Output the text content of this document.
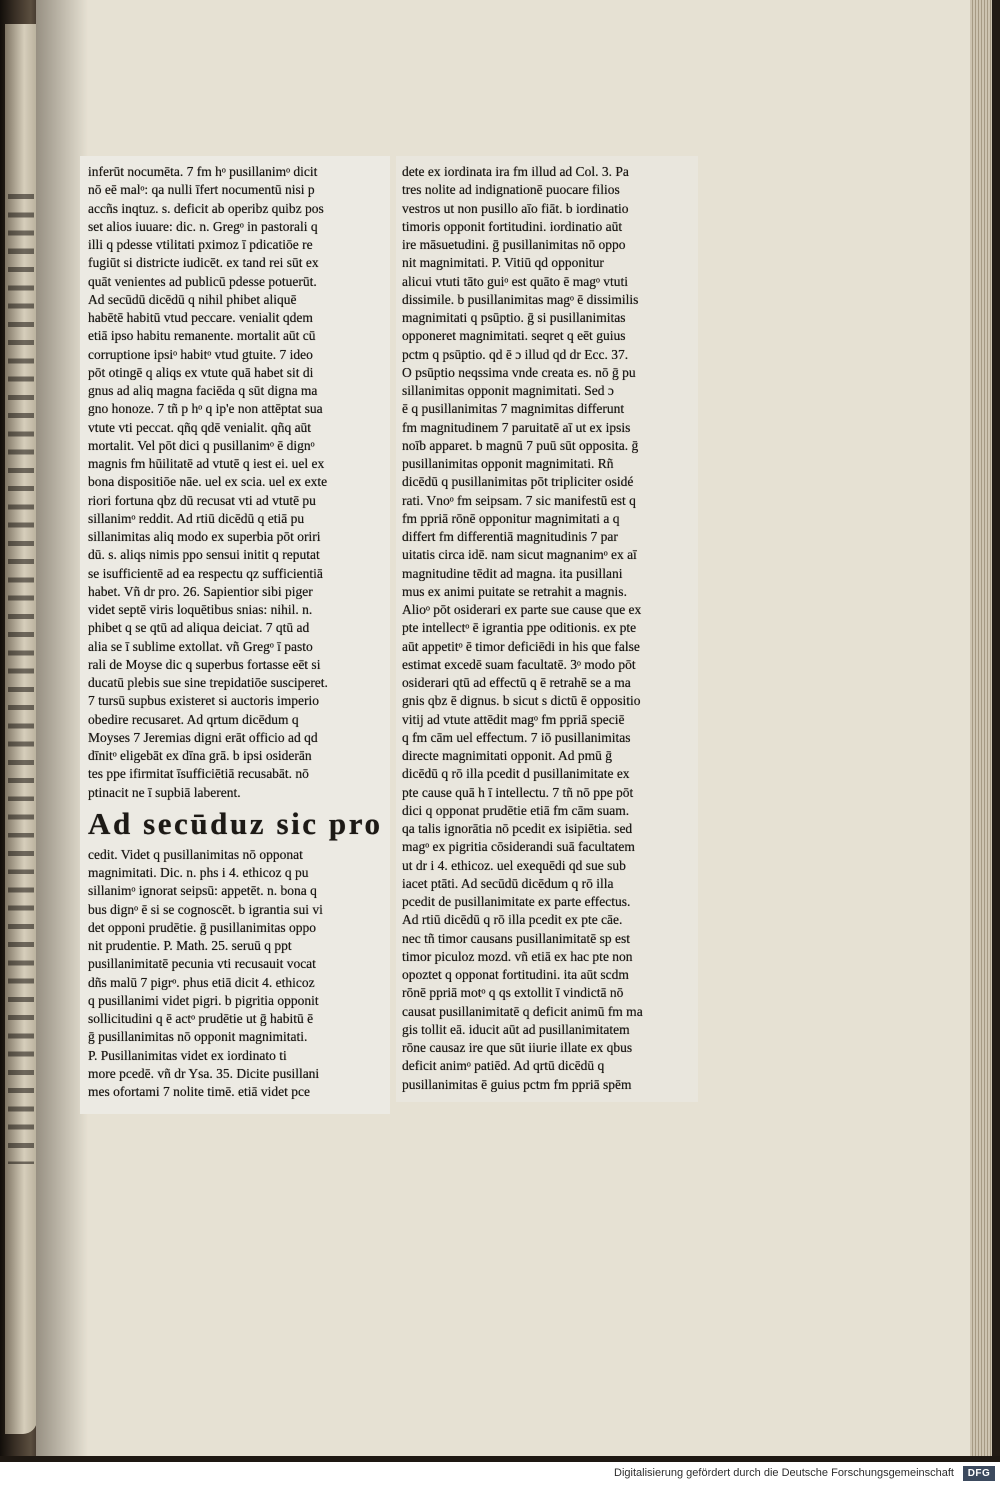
inferūt nocumēta. 7 fm hᵒ pusillanimᵒ dicit
nō eē malᵒ: qa nulli īfert nocumentū nisi p
accñs inqtuz. s. deficit ab operibz quibz pos
set alios iuuare: dic. n. Gregᵒ in pastorali q
illi q pdesse vtilitati pximoz ī pdicatiōe re
fugiūt si districte iudicēt. ex tand rei sūt ex
quāt venientes ad publicū pdesse potuerūt.
Ad secūdū dicēdū q nihil phibet aliquē
habētē habitū vtud peccare. venialit qdem
etiā ipso habitu remanente. mortalit aūt cū
corruptione ipsiᵒ habitᵒ vtud gtuite. 7 ideo
pōt otingē q aliqs ex vtute quā habet sit di
gnus ad aliq magna faciēda q sūt digna ma
gno honoze. 7 tñ p hᵒ q ip'e non attēptat sua
vtute vti peccat. qñq qdē venialit. qñq aūt
mortalit. Vel pōt dici q pusillanimᵒ ē dignᵒ
magnis fm hūilitatē ad vtutē q iest ei. uel ex
bona dispositiōe nāe. uel ex scia. uel ex exte
riori fortuna qbz dū recusat vti ad vtutē pu
sillanimᵒ reddit. Ad rtiū dicēdū q etiā pu
sillanimitas aliq modo ex superbia pōt oriri
dū. s. aliqs nimis ppo sensui initit q reputat
se isufficientē ad ea respectu qz sufficientiā
habet. Vñ dr pro. 26. Sapientior sibi piger
videt septē viris loquētibus snias: nihil. n.
phibet q se qtū ad aliqua deiciat. 7 qtū ad
alia se ī sublime extollat. vñ Gregᵒ ī pasto
rali de Moyse dic q superbus fortasse eēt si
ducatū plebis sue sine trepidatiōe susciperet.
7 tursū supbus existeret si auctoris imperio
obedire recusaret. Ad qrtum dicēdum q
Moyses 7 Jeremias digni erāt officio ad qd
dīnitᵒ eligebāt ex dīna grā. b ipsi osiderān
tes ppe ifirmitat īsufficiētiā recusabāt. nō
ptinacit ne ī supbiā laberent.
Ad secūduz sic pro
cedit. Videt q pusillanimitas nō opponat
magnimitati. Dic. n. phs i 4. ethicoz q pu
sillanimᵒ ignorat seipsū: appetēt. n. bona q
bus dignᵒ ē si se cognoscēt. b igrantia sui vi
det opponi prudētie. ḡ pusillanimitas oppo
nit prudentie. P. Math. 25. seruū q ppt
pusillanimitatē pecunia vti recusauit vocat
dñs malū 7 pigrᵒ. phus etiā dicit 4. ethicoz
q pusillanimi videt pigri. b pigritia opponit
sollicitudini q ē actᵒ prudētie ut ḡ habitū ē
ḡ pusillanimitas nō opponit magnimitati.
P. Pusillanimitas videt ex iordinato ti
more pcedē. vñ dr Ysa. 35. Dicite pusillani
mes ofortami 7 nolite timē. etiā videt pce
dete ex iordinata ira fm illud ad Col. 3. Pa
tres nolite ad indignationē puocare filios
vestros ut non pusillo aīo fiāt. b iordinatio
timoris opponit fortitudini. iordinatio aūt
ire māsuetudini. ḡ pusillanimitas nō oppo
nit magnimitati. P. Vitiū qd opponitur
alicui vtuti tāto guiᵒ est quāto ē magᵒ vtuti
dissimile. b pusillanimitas magᵒ ē dissimilis
magnimitati q psūptio. ḡ si pusillanimitas
opponeret magnimitati. seqret q eēt guius
pctm q psūptio. qd ē ɔ illud qd dr Ecc. 37.
O psūptio neqssima vnde creata es. nō ḡ pu
sillanimitas opponit magnimitati. Sed ɔ
ē q pusillanimitas 7 magnimitas differunt
fm magnitudinem 7 paruitatē aī ut ex ipsis
noīb apparet. b magnū 7 puū sūt opposita. ḡ
pusillanimitas opponit magnimitati. Rñ
dicēdū q pusillanimitas pōt tripliciter osidé
rati. Vnoᵒ fm seipsam. 7 sic manifestū est q
fm ppriā rōnē opponitur magnimitati a q
differt fm differentiā magnitudinis 7 par
uitatis circa idē. nam sicut magnanimᵒ ex aī
magnitudine tēdit ad magna. ita pusillani
mus ex animi puitate se retrahit a magnis.
Alioᵒ pōt osiderari ex parte sue cause que ex
pte intellectᵒ ē igrantia ppe oditionis. ex pte
aūt appetitᵒ ē timor deficiēdi in his que false
estimat excedē suam facultatē. 3ᵒ modo pōt
osiderari qtū ad effectū q ē retrahē se a ma
gnis qbz ē dignus. b sicut s dictū ē oppositio
vitij ad vtute attēdit magᵒ fm ppriā speciē
q fm cām uel effectum. 7 iō pusillanimitas
directe magnimitati opponit. Ad pmū ḡ
dicēdū q rō illa pcedit d pusillanimitate ex
pte cause quā h ī intellectu. 7 tñ nō ppe pōt
dici q opponat prudētie etiā fm cām suam.
qa talis ignorātia nō pcedit ex isipiētia. sed
magᵒ ex pigritia cōsiderandi suā facultatem
ut dr i 4. ethicoz. uel exequēdi qd sue sub
iacet ptāti. Ad secūdū dicēdum q rō illa
pcedit de pusillanimitate ex parte effectus.
Ad rtiū dicēdū q rō illa pcedit ex pte cāe.
nec tñ timor causans pusillanimitatē sp est
timor piculoz mozd. vñ etiā ex hac pte non
opoztet q opponat fortitudini. ita aūt scdm
rōnē ppriā motᵒ q qs extollit ī vindictā nō
causat pusillanimitatē q deficit animū fm ma
gis tollit eā. iducit aūt ad pusillanimitatem
rōne causaz ire que sūt iiurie illate ex qbus
deficit animᵒ patiēd. Ad qrtū dicēdū q
pusillanimitas ē guius pctm fm ppriā spēm
Digitalisierung gefördert durch die Deutsche Forschungsgemeinschaft	DFG
